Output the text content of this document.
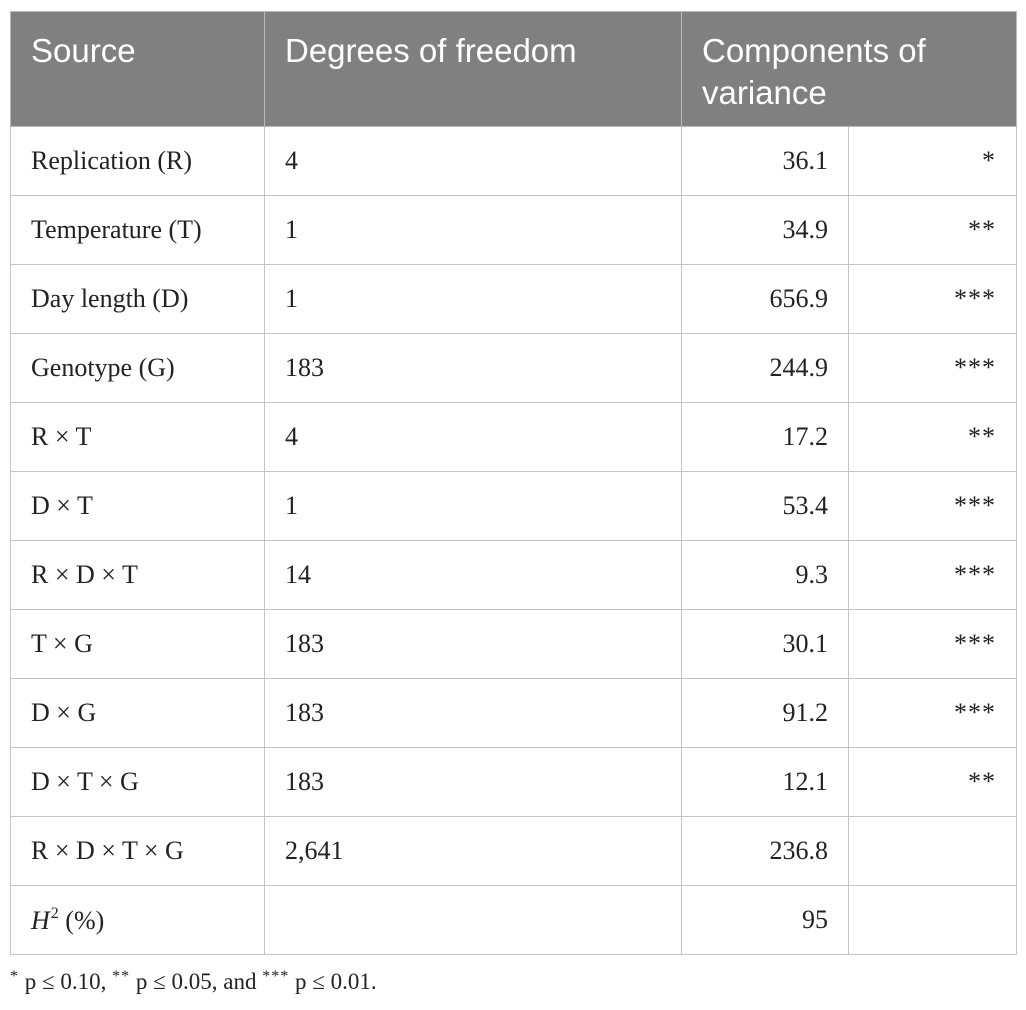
Source	Degrees of freedom	Components of variance	
Replication (R)	4	36.1	*
Temperature (T)	1	34.9	**
Day length (D)	1	656.9	***
Genotype (G)	183	244.9	***
R × T	4	17.2	**
D × T	1	53.4	***
R × D × T	14	9.3	***
T × G	183	30.1	***
D × G	183	91.2	***
D × T × G	183	12.1	**
R × D × T × G	2,641	236.8	
$H^2$ (%)		95	
* p ≤ 0.10, ** p ≤ 0.05, and *** p ≤ 0.01.
